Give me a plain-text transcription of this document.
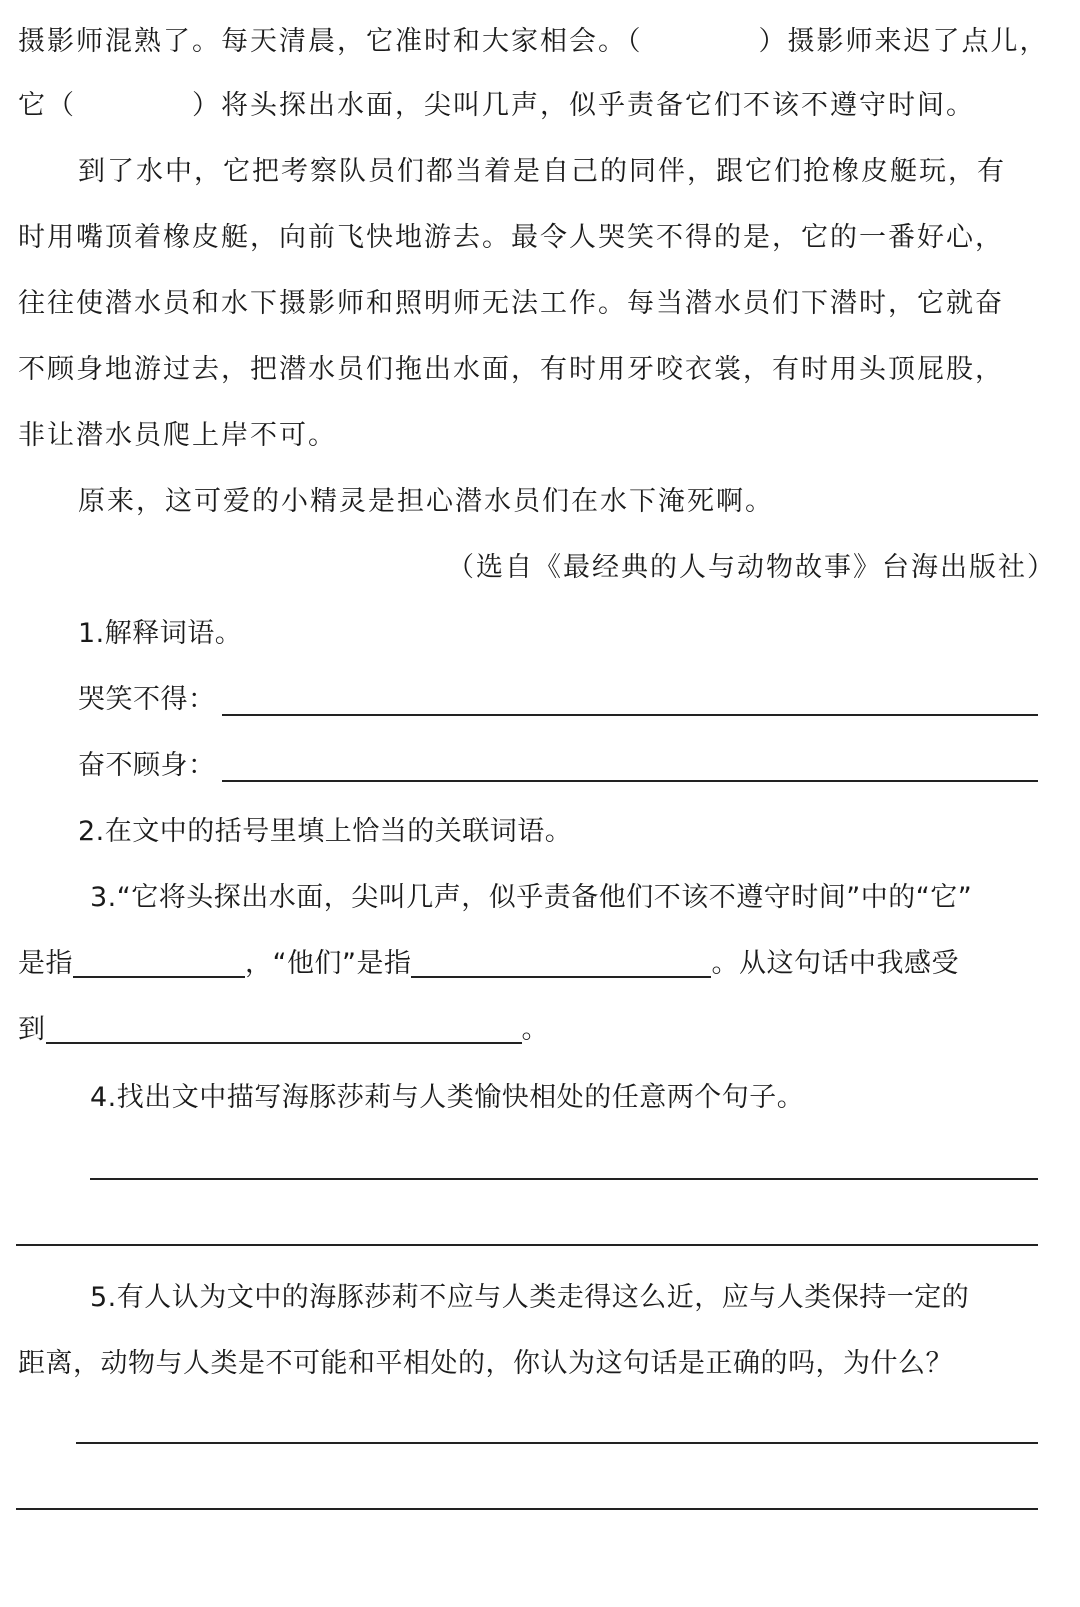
摄影师混熟了。每天清晨，它准时和大家相会。（　　　　）摄影师来迟了点儿，
它（　　　　）将头探出水面，尖叫几声，似乎责备它们不该不遵守时间。
到了水中，它把考察队员们都当着是自己的同伴，跟它们抢橡皮艇玩，有
时用嘴顶着橡皮艇，向前飞快地游去。最令人哭笑不得的是，它的一番好心，
往往使潜水员和水下摄影师和照明师无法工作。每当潜水员们下潜时，它就奋
不顾身地游过去，把潜水员们拖出水面，有时用牙咬衣裳，有时用头顶屁股，
非让潜水员爬上岸不可。
原来，这可爱的小精灵是担心潜水员们在水下淹死啊。
（选自《最经典的人与动物故事》台海出版社）
1.解释词语。
哭笑不得：
奋不顾身：
2.在文中的括号里填上恰当的关联词语。
3.“它将头探出水面，尖叫几声，似乎责备他们不该不遵守时间”中的“它”
是指	，“他们”是指	。从这句话中我感受
到	。
4.找出文中描写海豚莎莉与人类愉快相处的任意两个句子。
5.有人认为文中的海豚莎莉不应与人类走得这么近，应与人类保持一定的
距离，动物与人类是不可能和平相处的，你认为这句话是正确的吗，为什么？
